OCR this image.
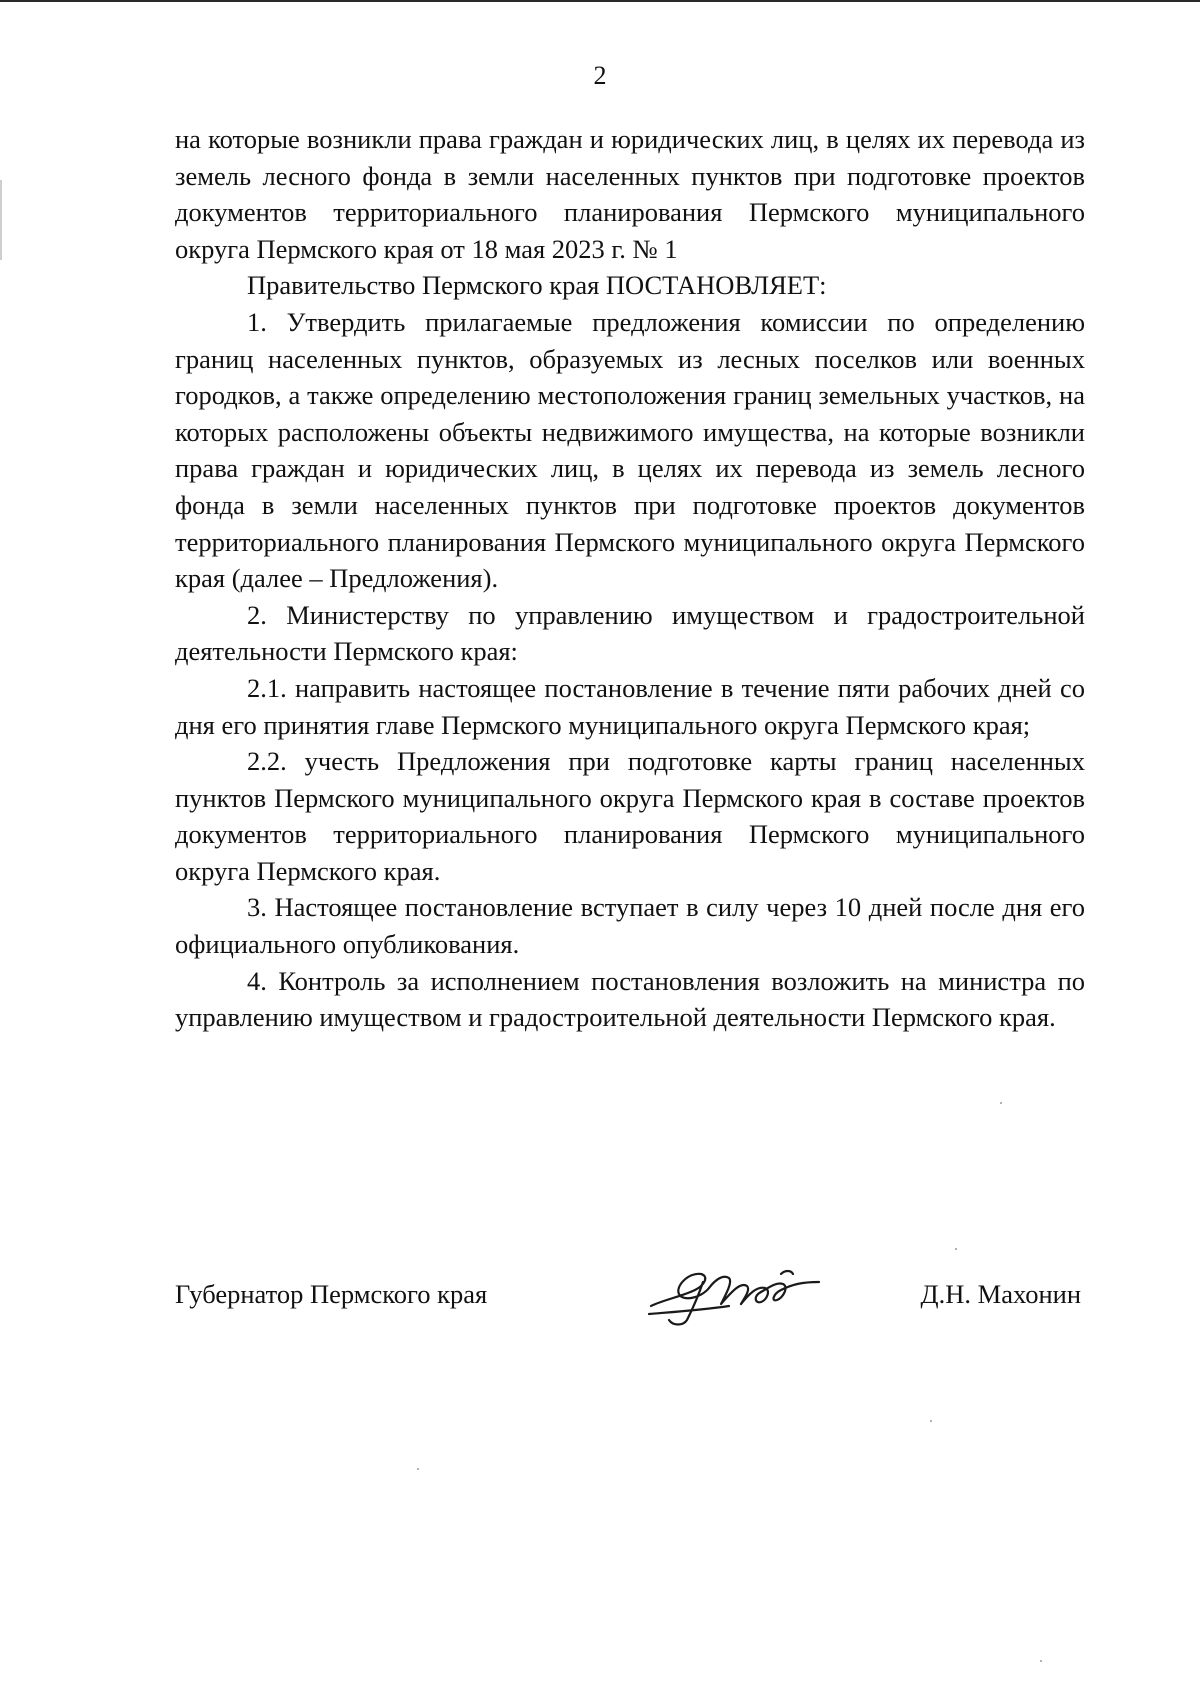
2

на которые возникли права граждан и юридических лиц, в целях их перевода из земель лесного фонда в земли населенных пунктов при подготовке проектов документов территориального планирования Пермского муниципального округа Пермского края от 18 мая 2023 г. № 1

Правительство Пермского края ПОСТАНОВЛЯЕТ:

1. Утвердить прилагаемые предложения комиссии по определению границ населенных пунктов, образуемых из лесных поселков или военных городков, а также определению местоположения границ земельных участков, на которых расположены объекты недвижимого имущества, на которые возникли права граждан и юридических лиц, в целях их перевода из земель лесного фонда в земли населенных пунктов при подготовке проектов документов территориального планирования Пермского муниципального округа Пермского края (далее – Предложения).

2. Министерству по управлению имуществом и градостроительной деятельности Пермского края:

2.1. направить настоящее постановление в течение пяти рабочих дней со дня его принятия главе Пермского муниципального округа Пермского края;

2.2. учесть Предложения при подготовке карты границ населенных пунктов Пермского муниципального округа Пермского края в составе проектов документов территориального планирования Пермского муниципального округа Пермского края.

3. Настоящее постановление вступает в силу через 10 дней после дня его официального опубликования.

4. Контроль за исполнением постановления возложить на министра по управлению имуществом и градостроительной деятельности Пермского края.

Губернатор Пермского края	Д.Н. Махонин
